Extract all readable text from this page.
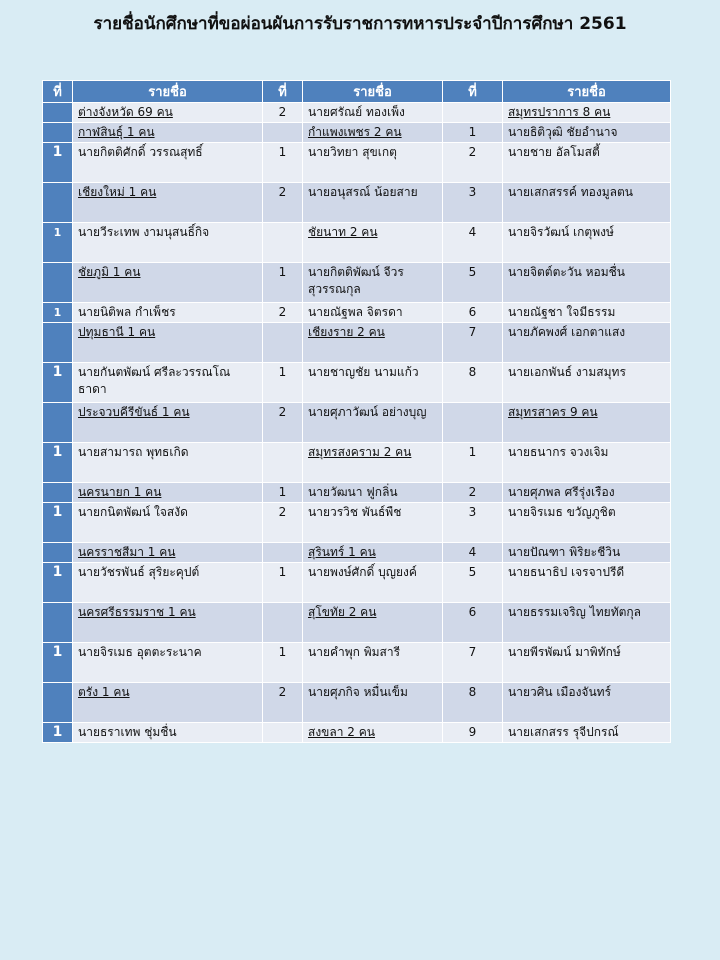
รายชื่อนักศึกษาที่ขอผ่อนผันการรับราชการทหารประจำปีการศึกษา 2561
ที่	รายชื่อ	ที่	รายชื่อ	ที่	รายชื่อ
	ต่างจังหวัด 69 คน	2	นายศรัณย์ ทองเพ็ง		สมุทรปราการ 8 คน
	กาฬสินธุ์ 1 คน		กำแพงเพชร 2 คน	1	นายธิติวุฒิ ชัยอำนาจ
1	นายกิตติศักดิ์ วรรณสุทธิ์	1	นายวิทยา สุขเกตุ	2	นายชาย อัลโมสตี้
	เชียงใหม่ 1 คน	2	นายอนุสรณ์ น้อยสาย	3	นายเสกสรรค์ ทองมูลตน
1	นายวีระเทพ งามนุสนธิ์กิจ		ชัยนาท 2 คน	4	นายจิรวัฒน์ เกตุพงษ์
	ชัยภูมิ 1 คน	1	นายกิตติพัฒน์ จีวรสุวรรณกุล	5	นายจิตต์ตะวัน หอมชื่น
1	นายนิติพล กำเพ็ชร	2	นายณัฐพล จิตรดา	6	นายณัฐชา ใจมีธรรม
	ปทุมธานี 1 คน		เชียงราย 2 คน	7	นายภัคพงศ์ เอกตาแสง
1	นายกันตพัฒน์ ศรีละวรรณโณธาดา	1	นายชาญชัย นามแก้ว	8	นายเอกพันธ์ งามสมุทร
	ประจวบคีรีขันธ์ 1 คน	2	นายศุภาวัฒน์ อย่างบุญ		สมุทรสาคร 9 คน
1	นายสามารถ พุทธเกิด		สมุทรสงคราม 2 คน	1	นายธนากร จวงเจิม
	นครนายก 1 คน	1	นายวัฒนา ฟูกลิ่น	2	นายศุภพล ศรีรุ่งเรือง
1	นายกนิตพัฒน์ ใจสงัด	2	นายวรวิช พันธ์พืช	3	นายจิรเมธ ขวัญภูชิต
	นครราชสีมา 1 คน		สุรินทร์ 1 คน	4	นายปัณฑา พิริยะชีวิน
1	นายวัชรพันธ์ สุริยะคุปต์	1	นายพงษ์ศักดิ์ บุญยงค์	5	นายธนาธิป เจรจาปรีดี
	นครศรีธรรมราช 1 คน		สุโขทัย 2 คน	6	นายธรรมเจริญ ไทยทัตกุล
1	นายจิรเมธ อุตตะระนาค	1	นายคำพุก พิมสารี	7	นายพีรพัฒน์ มาพิทักษ์
	ตรัง 1 คน	2	นายศุภกิจ หมื่นเข็ม	8	นายวศิน เมืองจันทร์
1	นายธราเทพ ชุ่มชื่น		สงขลา 2 คน	9	นายเสกสรร รุจีปกรณ์
